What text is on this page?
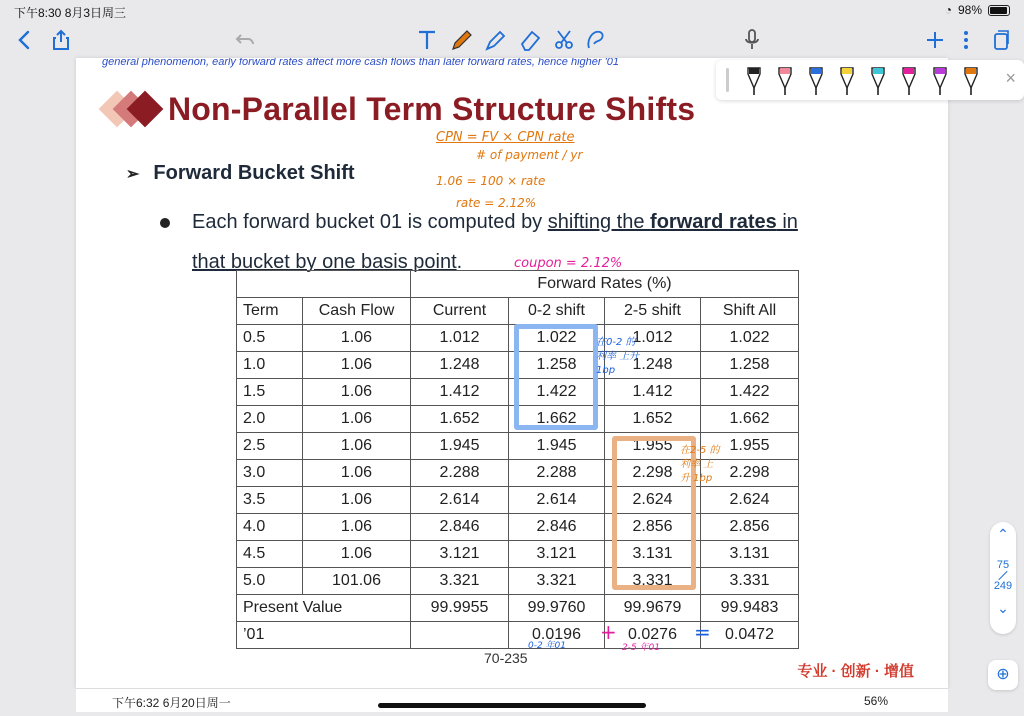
下午8:30 8月3日周三	◔ 98%
general phenomenon, early forward rates affect more cash flows than later forward rates, hence higher '01
Non-Parallel Term Structure Shifts
➢ Forward Bucket Shift
Each forward bucket 01 is computed by shifting the forward rates in
that bucket by one basis point.
CPN = FV × CPN rate
# of payment / yr
1.06 = 100 × rate
rate = 2.12%
coupon = 2.12%
		Forward Rates (%)			
Term	Cash Flow	Current	0-2 shift	2-5 shift	Shift All
0.5	1.06	1.012	1.022	1.012	1.022
1.0	1.06	1.248	1.258	1.248	1.258
1.5	1.06	1.412	1.422	1.412	1.422
2.0	1.06	1.652	1.662	1.652	1.662
2.5	1.06	1.945	1.945	1.955	1.955
3.0	1.06	2.288	2.288	2.298	2.298
3.5	1.06	2.614	2.614	2.624	2.624
4.0	1.06	2.846	2.846	2.856	2.856
4.5	1.06	3.121	3.121	3.131	3.131
5.0	101.06	3.321	3.321	3.331	3.331
Present Value		99.9955	99.9760	99.9679	99.9483
’01			0.0196	0.0276	0.0472
在0-2 的利率 上升 1bp
在2-5 的利率 上升 1bp
+	=
0-2 年01	2-5 年01
70-235
专业 · 创新 · 增值
×
⌃
75
249
⌄
⊕
下午6:32 6月20日周一	56%
